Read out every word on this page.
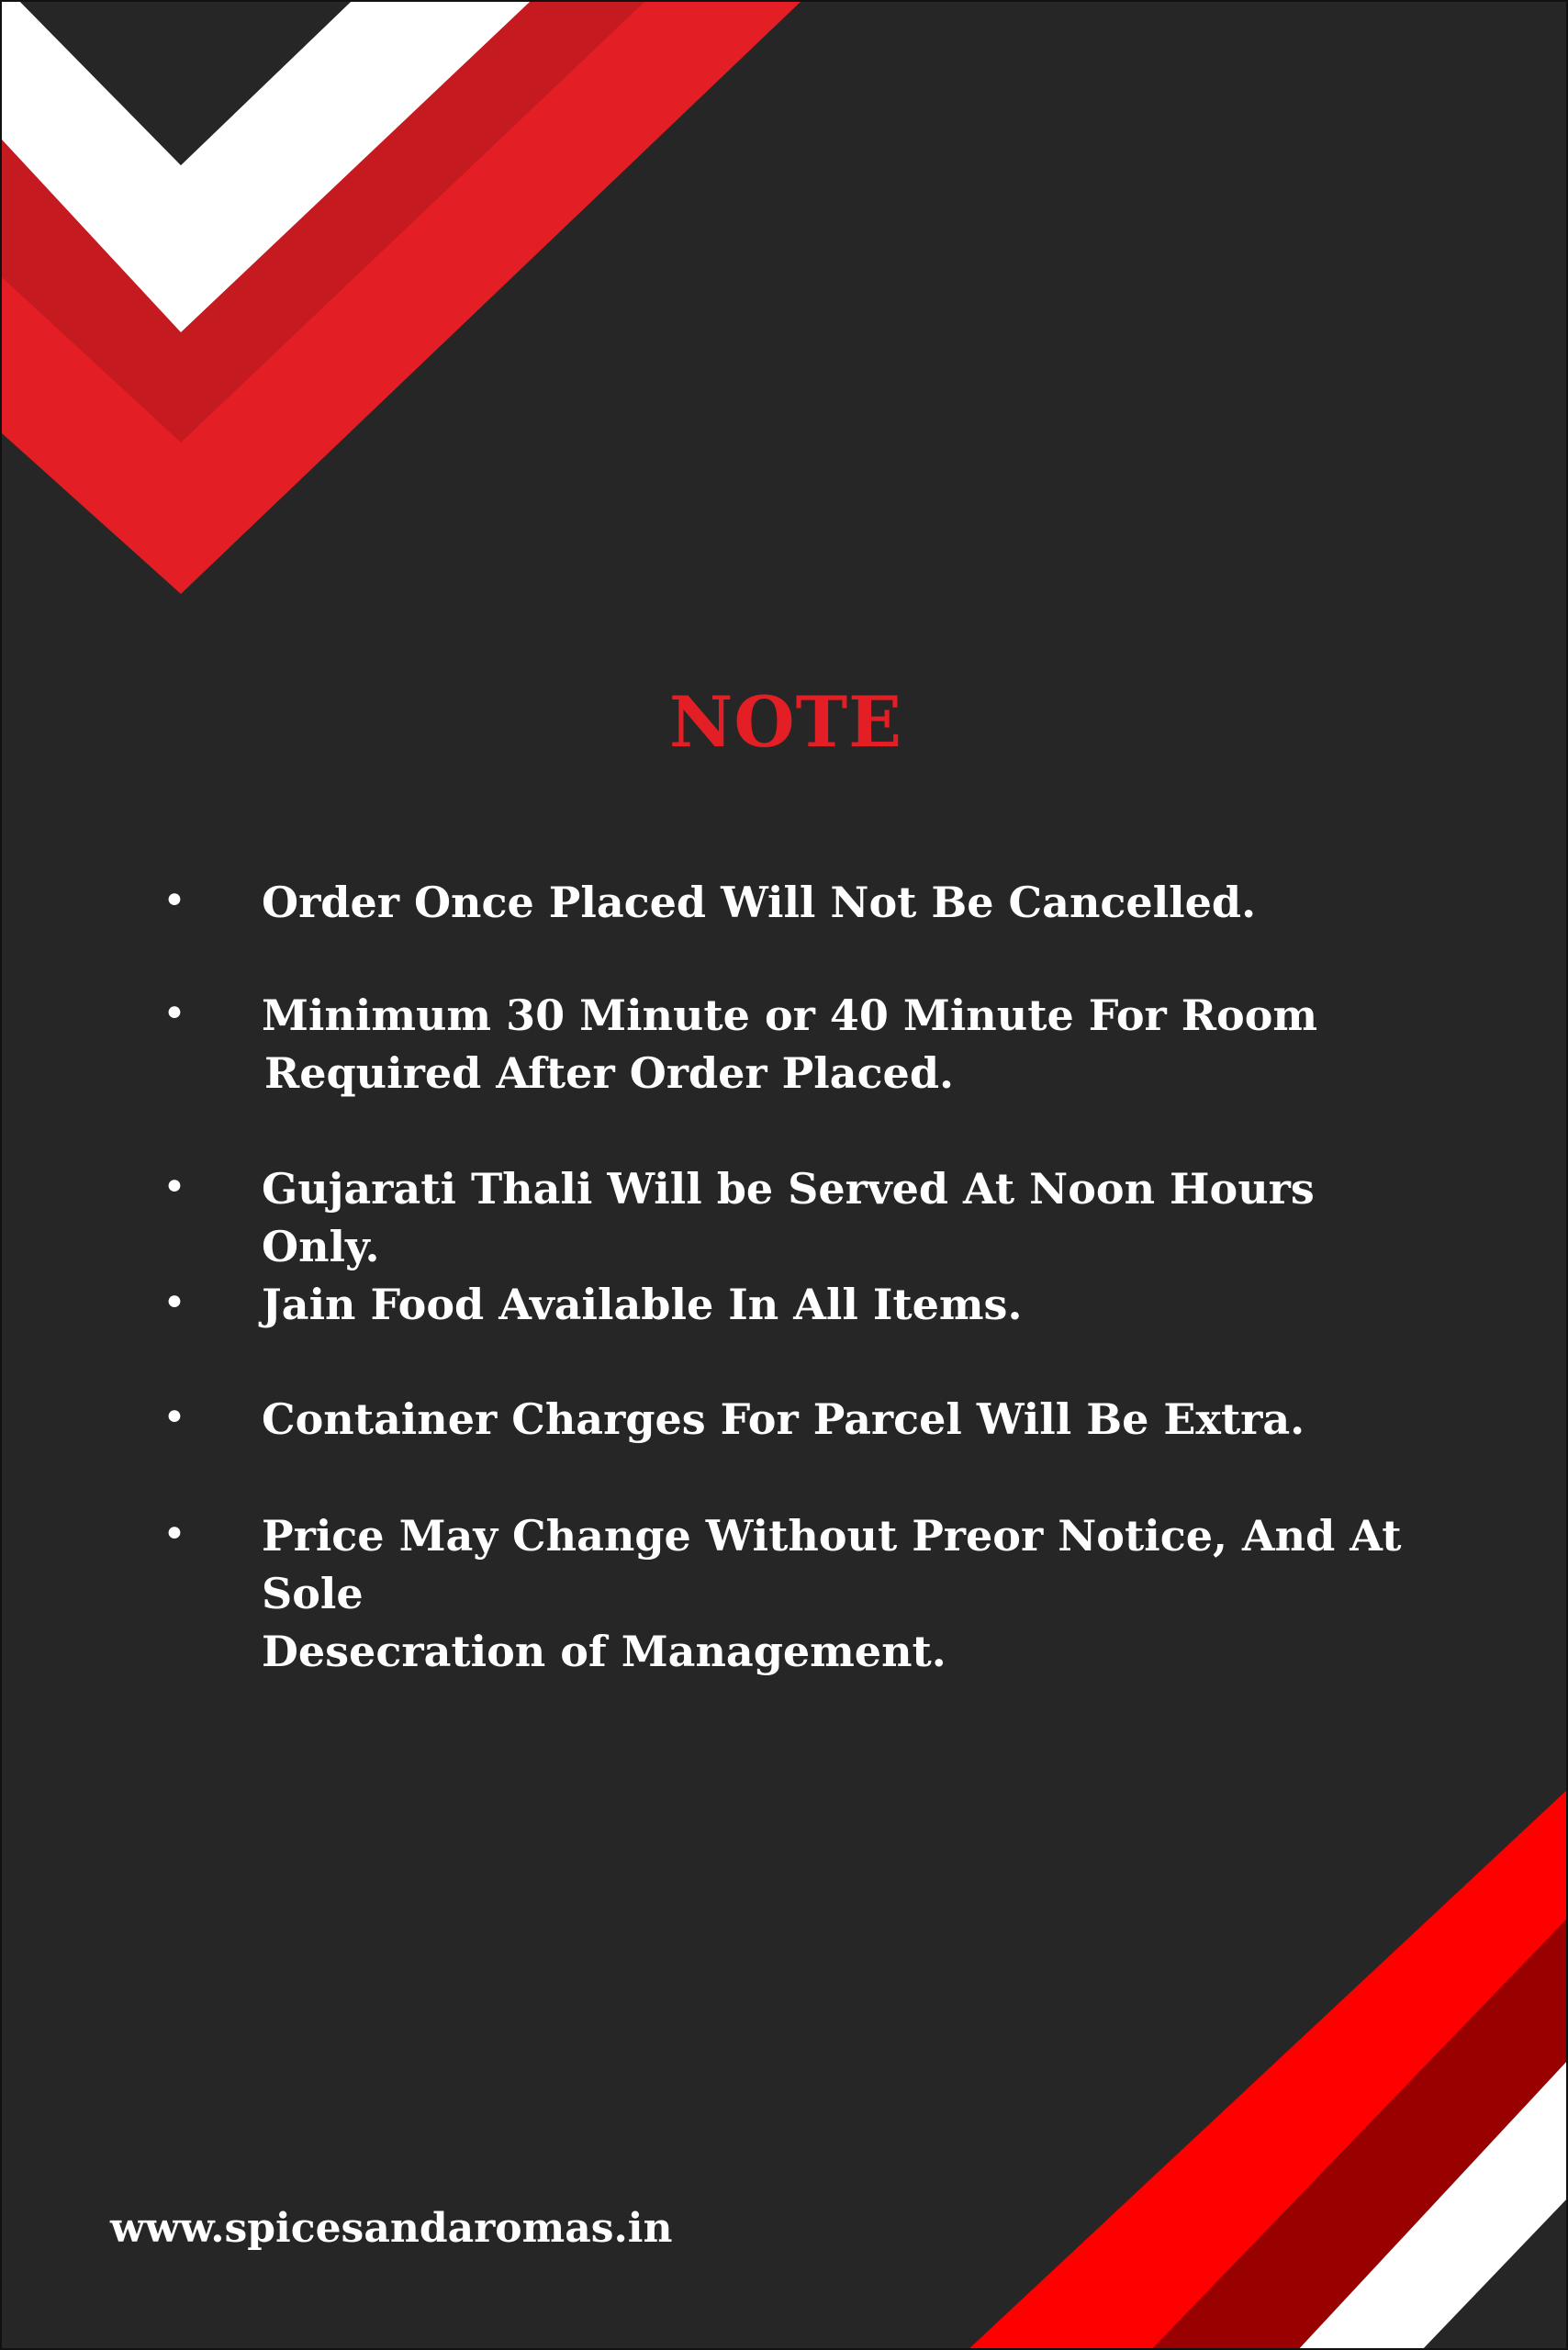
NOTE
• Order Once Placed Will Not Be Cancelled.

• Minimum 30 Minute or 40 Minute For Room
Required After Order Placed.

• Gujarati Thali Will be Served At Noon Hours Only.

• Jain Food Available In All Items.

• Container Charges For Parcel Will Be Extra.

• Price May Change Without Preor Notice, And At Sole
Desecration of Management.

www.spicesandaromas.in
